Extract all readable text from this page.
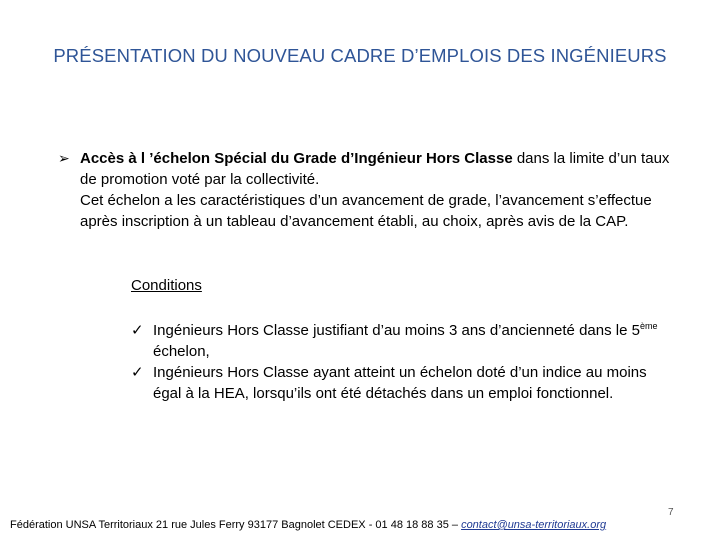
PRÉSENTATION DU NOUVEAU CADRE D’EMPLOIS DES INGÉNIEURS
➢ Accès à l ’échelon Spécial du Grade d’Ingénieur Hors Classe dans la limite d’un taux de promotion voté par la collectivité.
Cet échelon a les caractéristiques d’un avancement de grade, l’avancement s’effectue après inscription à un tableau d’avancement établi, au choix, après avis de la CAP.
Conditions
✓ Ingénieurs Hors Classe justifiant d’au moins 3 ans d’ancienneté dans le 5ème échelon,
✓ Ingénieurs Hors Classe ayant atteint un échelon doté d’un indice au moins égal à la HEA, lorsqu’ils ont été détachés dans un emploi fonctionnel.
7
Fédération UNSA Territoriaux 21 rue Jules Ferry 93177 Bagnolet CEDEX - 01 48 18 88 35 – contact@unsa-territoriaux.org
